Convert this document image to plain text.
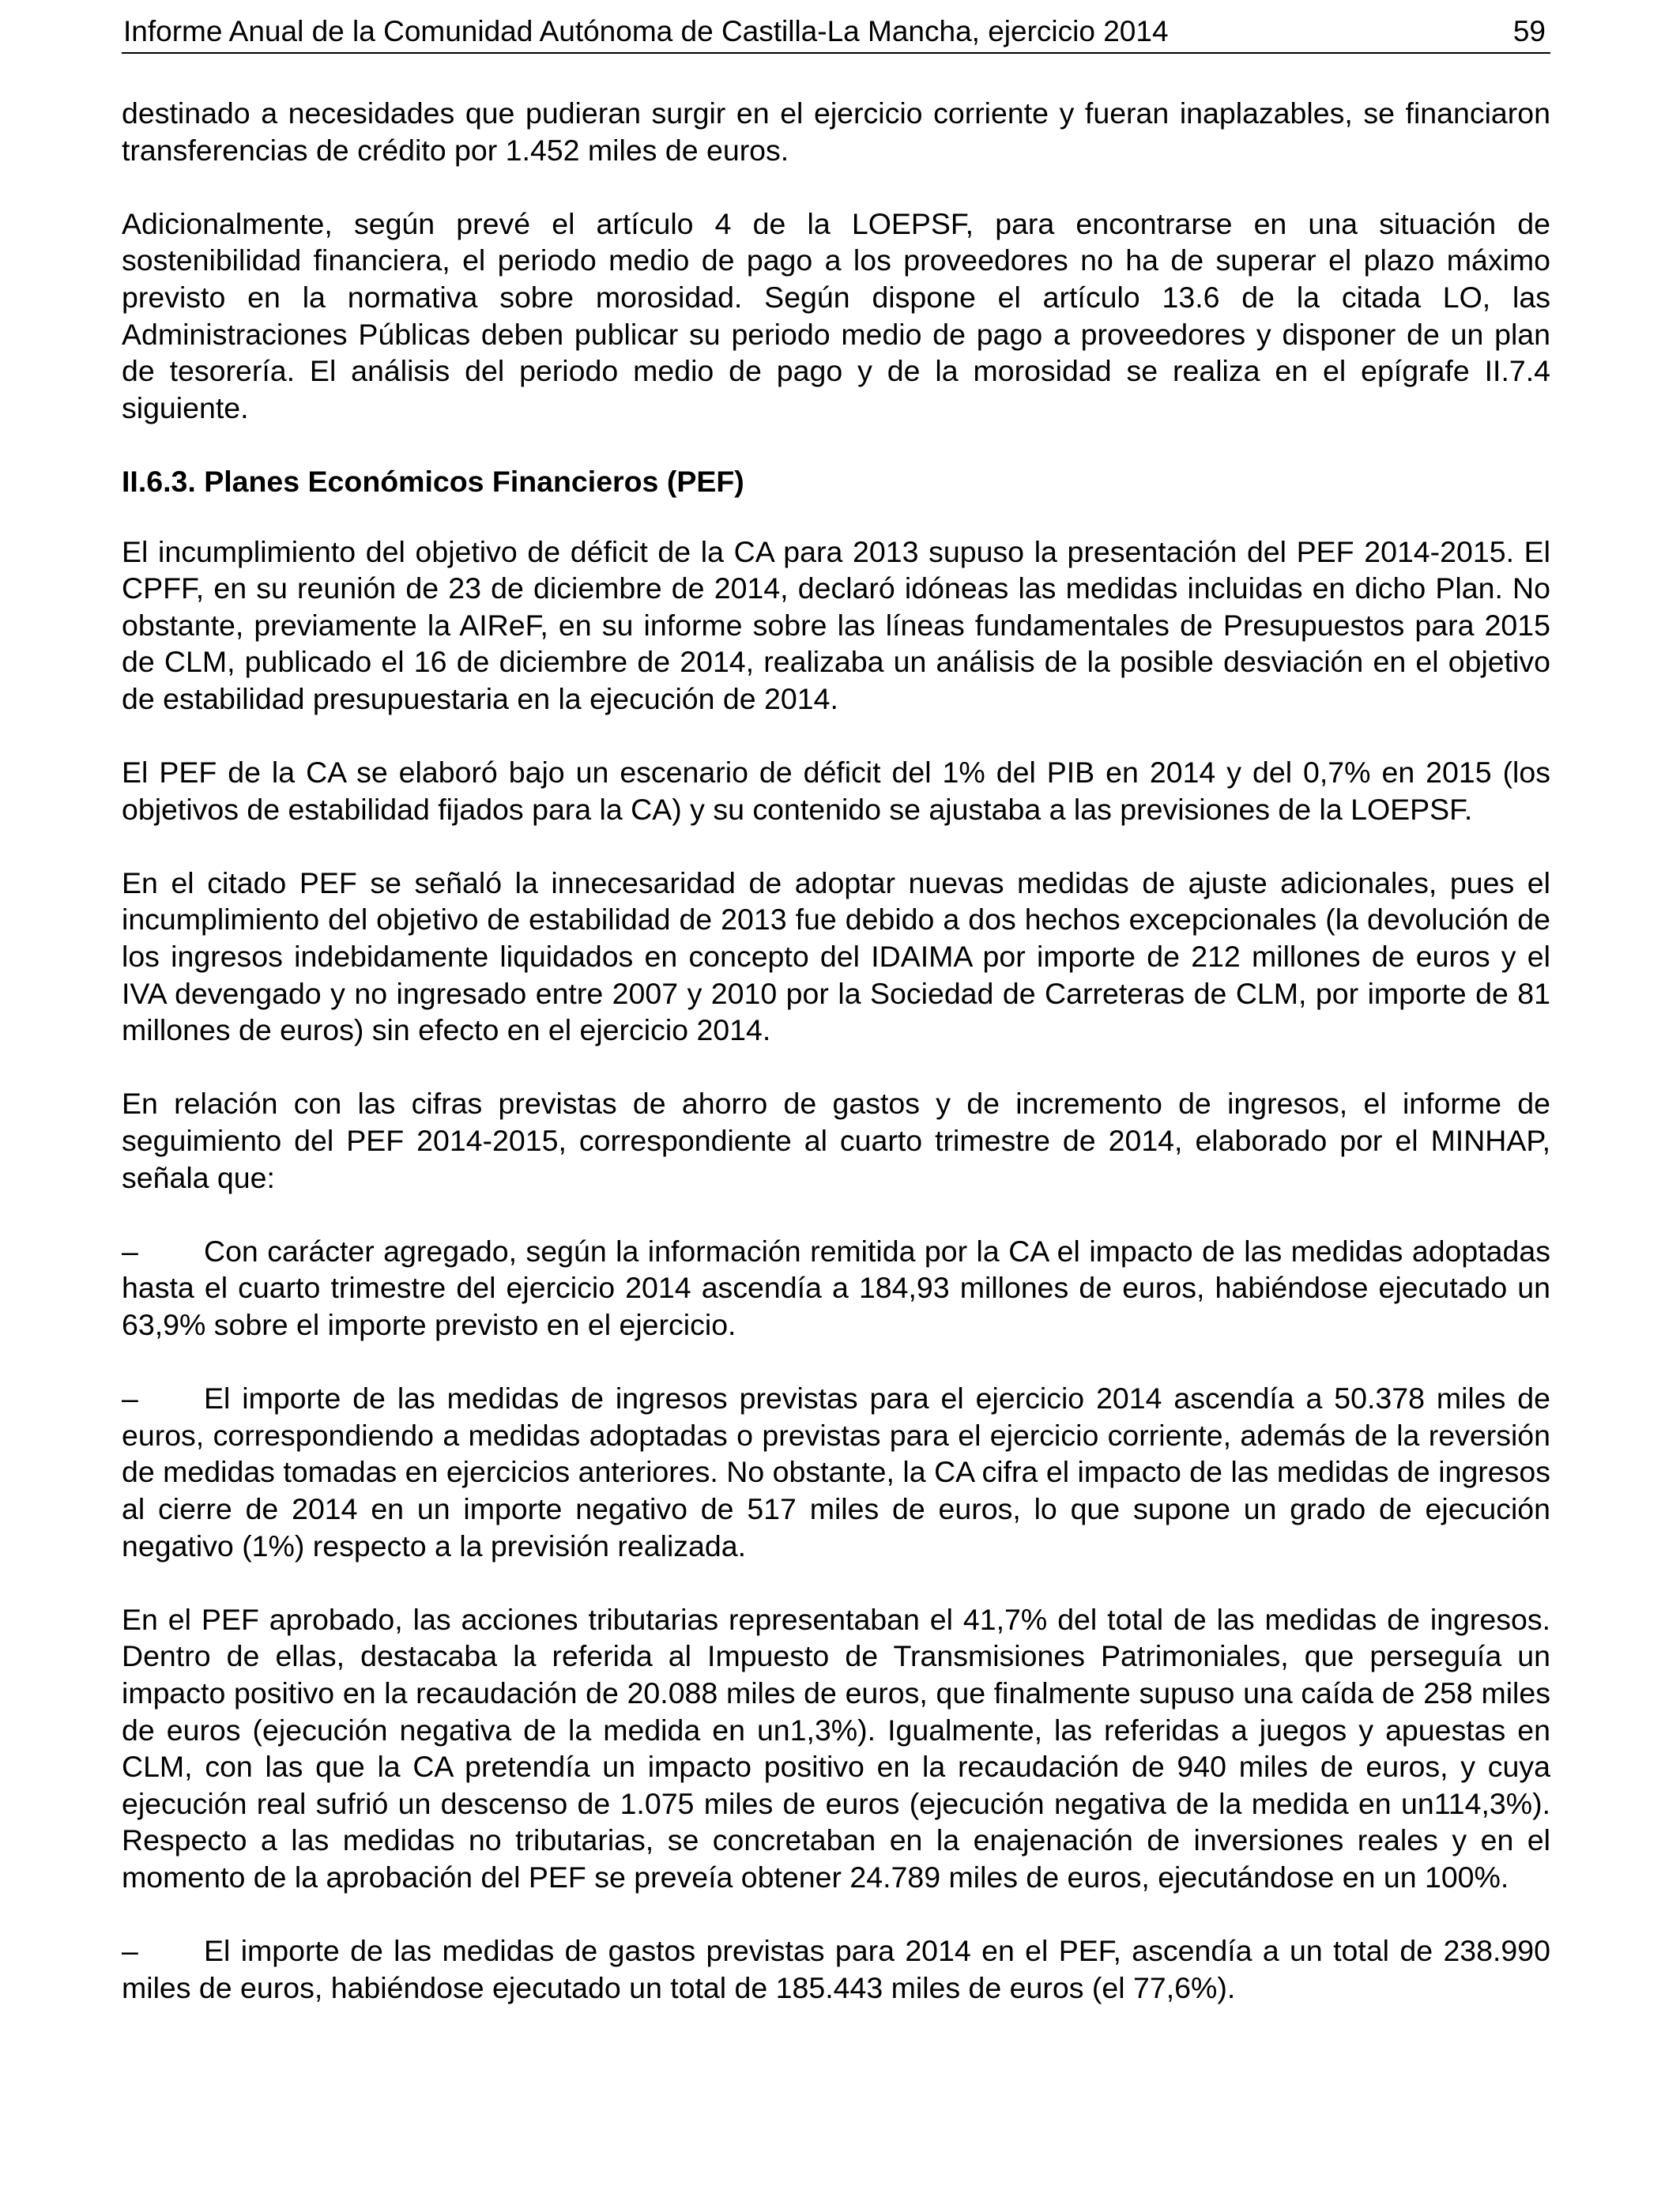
Informe Anual de la Comunidad Autónoma de Castilla-La Mancha, ejercicio 2014	59

destinado a necesidades que pudieran surgir en el ejercicio corriente y fueran inaplazables, se financiaron transferencias de crédito por 1.452 miles de euros.

Adicionalmente, según prevé el artículo 4 de la LOEPSF, para encontrarse en una situación de sostenibilidad financiera, el periodo medio de pago a los proveedores no ha de superar el plazo máximo previsto en la normativa sobre morosidad. Según dispone el artículo 13.6 de la citada LO, las Administraciones Públicas deben publicar su periodo medio de pago a proveedores y disponer de un plan de tesorería. El análisis del periodo medio de pago y de la morosidad se realiza en el epígrafe II.7.4 siguiente.

II.6.3. Planes Económicos Financieros (PEF)

El incumplimiento del objetivo de déficit de la CA para 2013 supuso la presentación del PEF 2014-2015. El CPFF, en su reunión de 23 de diciembre de 2014, declaró idóneas las medidas incluidas en dicho Plan. No obstante, previamente la AIReF, en su informe sobre las líneas fundamentales de Presupuestos para 2015 de CLM, publicado el 16 de diciembre de 2014, realizaba un análisis de la posible desviación en el objetivo de estabilidad presupuestaria en la ejecución de 2014.

El PEF de la CA se elaboró bajo un escenario de déficit del 1% del PIB en 2014 y del 0,7% en 2015 (los objetivos de estabilidad fijados para la CA) y su contenido se ajustaba a las previsiones de la LOEPSF.

En el citado PEF se señaló la innecesaridad de adoptar nuevas medidas de ajuste adicionales, pues el incumplimiento del objetivo de estabilidad de 2013 fue debido a dos hechos excepcionales (la devolución de los ingresos indebidamente liquidados en concepto del IDAIMA por importe de 212 millones de euros y el IVA devengado y no ingresado entre 2007 y 2010 por la Sociedad de Carreteras de CLM, por importe de 81 millones de euros) sin efecto en el ejercicio 2014.

En relación con las cifras previstas de ahorro de gastos y de incremento de ingresos, el informe de seguimiento del PEF 2014-2015, correspondiente al cuarto trimestre de 2014, elaborado por el MINHAP, señala que:

– Con carácter agregado, según la información remitida por la CA el impacto de las medidas adoptadas hasta el cuarto trimestre del ejercicio 2014 ascendía a 184,93 millones de euros, habiéndose ejecutado un 63,9% sobre el importe previsto en el ejercicio.

– El importe de las medidas de ingresos previstas para el ejercicio 2014 ascendía a 50.378 miles de euros, correspondiendo a medidas adoptadas o previstas para el ejercicio corriente, además de la reversión de medidas tomadas en ejercicios anteriores. No obstante, la CA cifra el impacto de las medidas de ingresos al cierre de 2014 en un importe negativo de 517 miles de euros, lo que supone un grado de ejecución negativo (1%) respecto a la previsión realizada.

En el PEF aprobado, las acciones tributarias representaban el 41,7% del total de las medidas de ingresos. Dentro de ellas, destacaba la referida al Impuesto de Transmisiones Patrimoniales, que perseguía un impacto positivo en la recaudación de 20.088 miles de euros, que finalmente supuso una caída de 258 miles de euros (ejecución negativa de la medida en un1,3%). Igualmente, las referidas a juegos y apuestas en CLM, con las que la CA pretendía un impacto positivo en la recaudación de 940 miles de euros, y cuya ejecución real sufrió un descenso de 1.075 miles de euros (ejecución negativa de la medida en un114,3%). Respecto a las medidas no tributarias, se concretaban en la enajenación de inversiones reales y en el momento de la aprobación del PEF se preveía obtener 24.789 miles de euros, ejecutándose en un 100%.

– El importe de las medidas de gastos previstas para 2014 en el PEF, ascendía a un total de 238.990 miles de euros, habiéndose ejecutado un total de 185.443 miles de euros (el 77,6%).
